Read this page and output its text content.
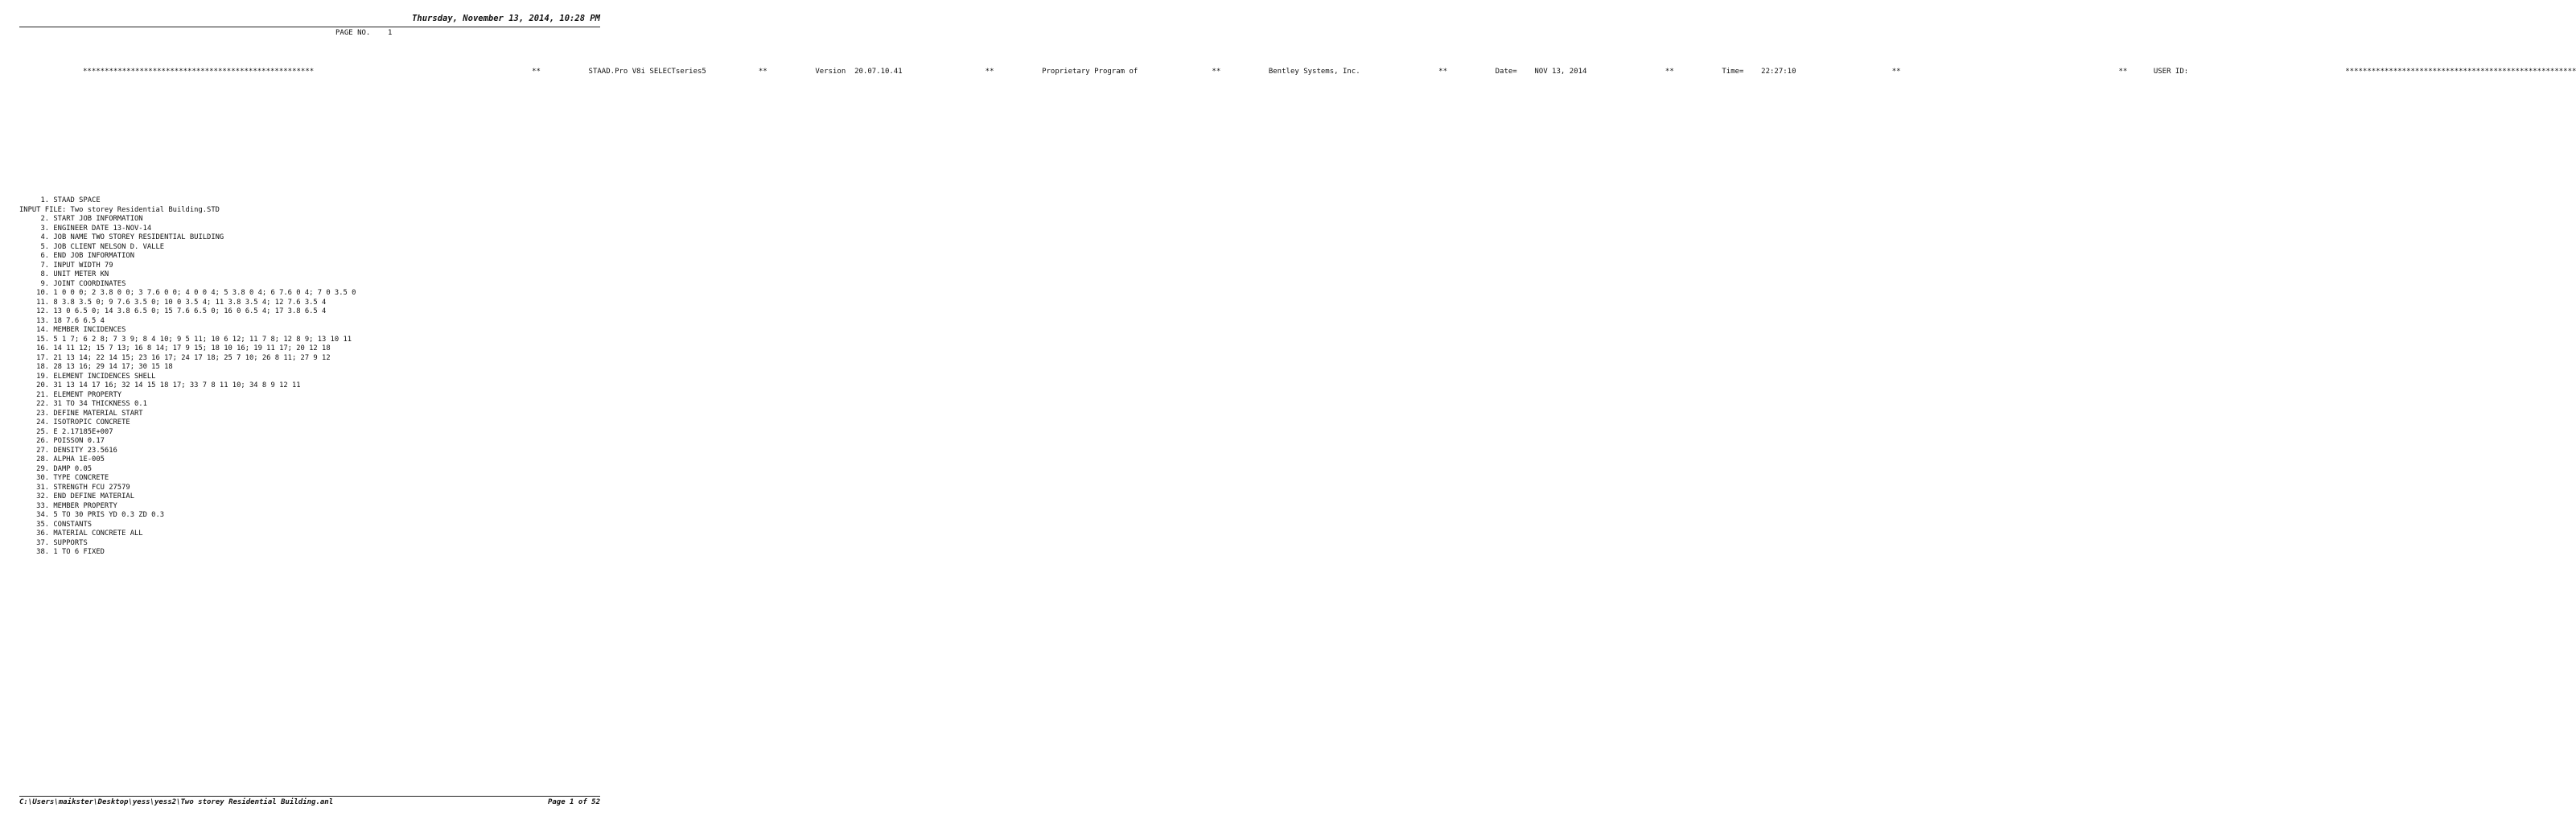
Thursday, November 13, 2014, 10:28 PM
PAGE NO.    1
*****************************************************                                                  **           STAAD.Pro V8i SELECTseries5            **           Version  20.07.10.41                   **           Proprietary Program of                 **           Bentley Systems, Inc.                  **           Date=    NOV 13, 2014                  **           Time=    22:27:10                      **                                                  **      USER ID:                                    *****************************************************
1. STAAD SPACE
INPUT FILE: Two storey Residential Building.STD
2. START JOB INFORMATION
3. ENGINEER DATE 13-NOV-14
4. JOB NAME TWO STOREY RESIDENTIAL BUILDING
5. JOB CLIENT NELSON D. VALLE
6. END JOB INFORMATION
7. INPUT WIDTH 79
8. UNIT METER KN
9. JOINT COORDINATES
10. 1 0 0 0; 2 3.8 0 0; 3 7.6 0 0; 4 0 0 4; 5 3.8 0 4; 6 7.6 0 4; 7 0 3.5 0
11. 8 3.8 3.5 0; 9 7.6 3.5 0; 10 0 3.5 4; 11 3.8 3.5 4; 12 7.6 3.5 4
12. 13 0 6.5 0; 14 3.8 6.5 0; 15 7.6 6.5 0; 16 0 6.5 4; 17 3.8 6.5 4
13. 18 7.6 6.5 4
14. MEMBER INCIDENCES
15. 5 1 7; 6 2 8; 7 3 9; 8 4 10; 9 5 11; 10 6 12; 11 7 8; 12 8 9; 13 10 11
16. 14 11 12; 15 7 13; 16 8 14; 17 9 15; 18 10 16; 19 11 17; 20 12 18
17. 21 13 14; 22 14 15; 23 16 17; 24 17 18; 25 7 10; 26 8 11; 27 9 12
18. 28 13 16; 29 14 17; 30 15 18
19. ELEMENT INCIDENCES SHELL
20. 31 13 14 17 16; 32 14 15 18 17; 33 7 8 11 10; 34 8 9 12 11
21. ELEMENT PROPERTY
22. 31 TO 34 THICKNESS 0.1
23. DEFINE MATERIAL START
24. ISOTROPIC CONCRETE
25. E 2.17185E+007
26. POISSON 0.17
27. DENSITY 23.5616
28. ALPHA 1E-005
29. DAMP 0.05
30. TYPE CONCRETE
31. STRENGTH FCU 27579
32. END DEFINE MATERIAL
33. MEMBER PROPERTY
34. 5 TO 30 PRIS YD 0.3 ZD 0.3
35. CONSTANTS
36. MATERIAL CONCRETE ALL
37. SUPPORTS
38. 1 TO 6 FIXED
C:\Users\maikster\Desktop\yess\yess2\Two storey Residential Building.anl	Page 1 of 52
